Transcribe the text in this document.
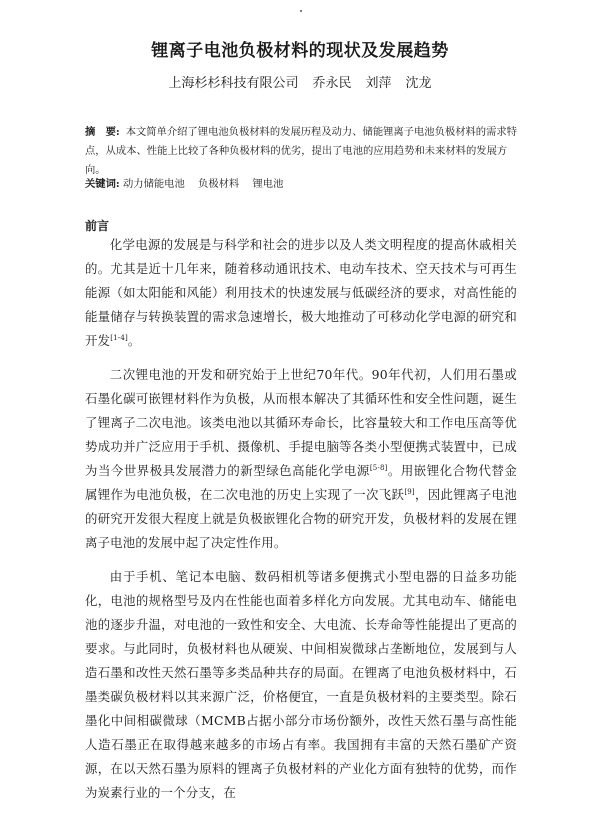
锂离子电池负极材料的现状及发展趋势
上海杉杉科技有限公司 乔永民 刘萍 沈龙
摘　要: 本文简单介绍了锂电池负极材料的发展历程及动力、储能锂离子电池负极材料的需求特点，从成本、性能上比较了各种负极材料的优劣，提出了电池的应用趋势和未来材料的发展方向。
关键词: 动力储能电池 负极材料 锂电池
前言

化学电源的发展是与科学和社会的进步以及人类文明程度的提高休戚相关的。尤其是近十几年来，随着移动通讯技术、电动车技术、空天技术与可再生能源（如太阳能和风能）利用技术的快速发展与低碳经济的要求，对高性能的能量储存与转换装置的需求急速增长，极大地推动了可移动化学电源的研究和开发[1-4]。

二次锂电池的开发和研究始于上世纪70年代。90年代初，人们用石墨或石墨化碳可嵌锂材料作为负极，从而根本解决了其循环性和安全性问题，诞生了锂离子二次电池。该类电池以其循环寿命长，比容量较大和工作电压高等优势成功并广泛应用于手机、摄像机、手提电脑等各类小型便携式装置中，已成为当今世界极具发展潜力的新型绿色高能化学电源[5-8]。用嵌锂化合物代替金属锂作为电池负极，在二次电池的历史上实现了一次飞跃[9]，因此锂离子电池的研究开发很大程度上就是负极嵌锂化合物的研究开发，负极材料的发展在锂离子电池的发展中起了决定性作用。

由于手机、笔记本电脑、数码相机等诸多便携式小型电器的日益多功能化，电池的规格型号及内在性能也面着多样化方向发展。尤其电动车、储能电池的逐步升温，对电池的一致性和安全、大电流、长寿命等性能提出了更高的要求。与此同时，负极材料也从硬炭、中间相炭微球占垄断地位，发展到与人造石墨和改性天然石墨等多类品种共存的局面。在锂离了电池负极材料中，石墨类碳负极材料以其来源广泛，价格便宜，一直是负极材料的主要类型。除石墨化中间相碳微球（MCMB占据小部分市场份额外，改性天然石墨与高性能人造石墨正在取得越来越多的市场占有率。我国拥有丰富的天然石墨矿产资源，在以天然石墨为原料的锂离子负极材料的产业化方面有独特的优势，而作为炭素行业的一个分支，在
